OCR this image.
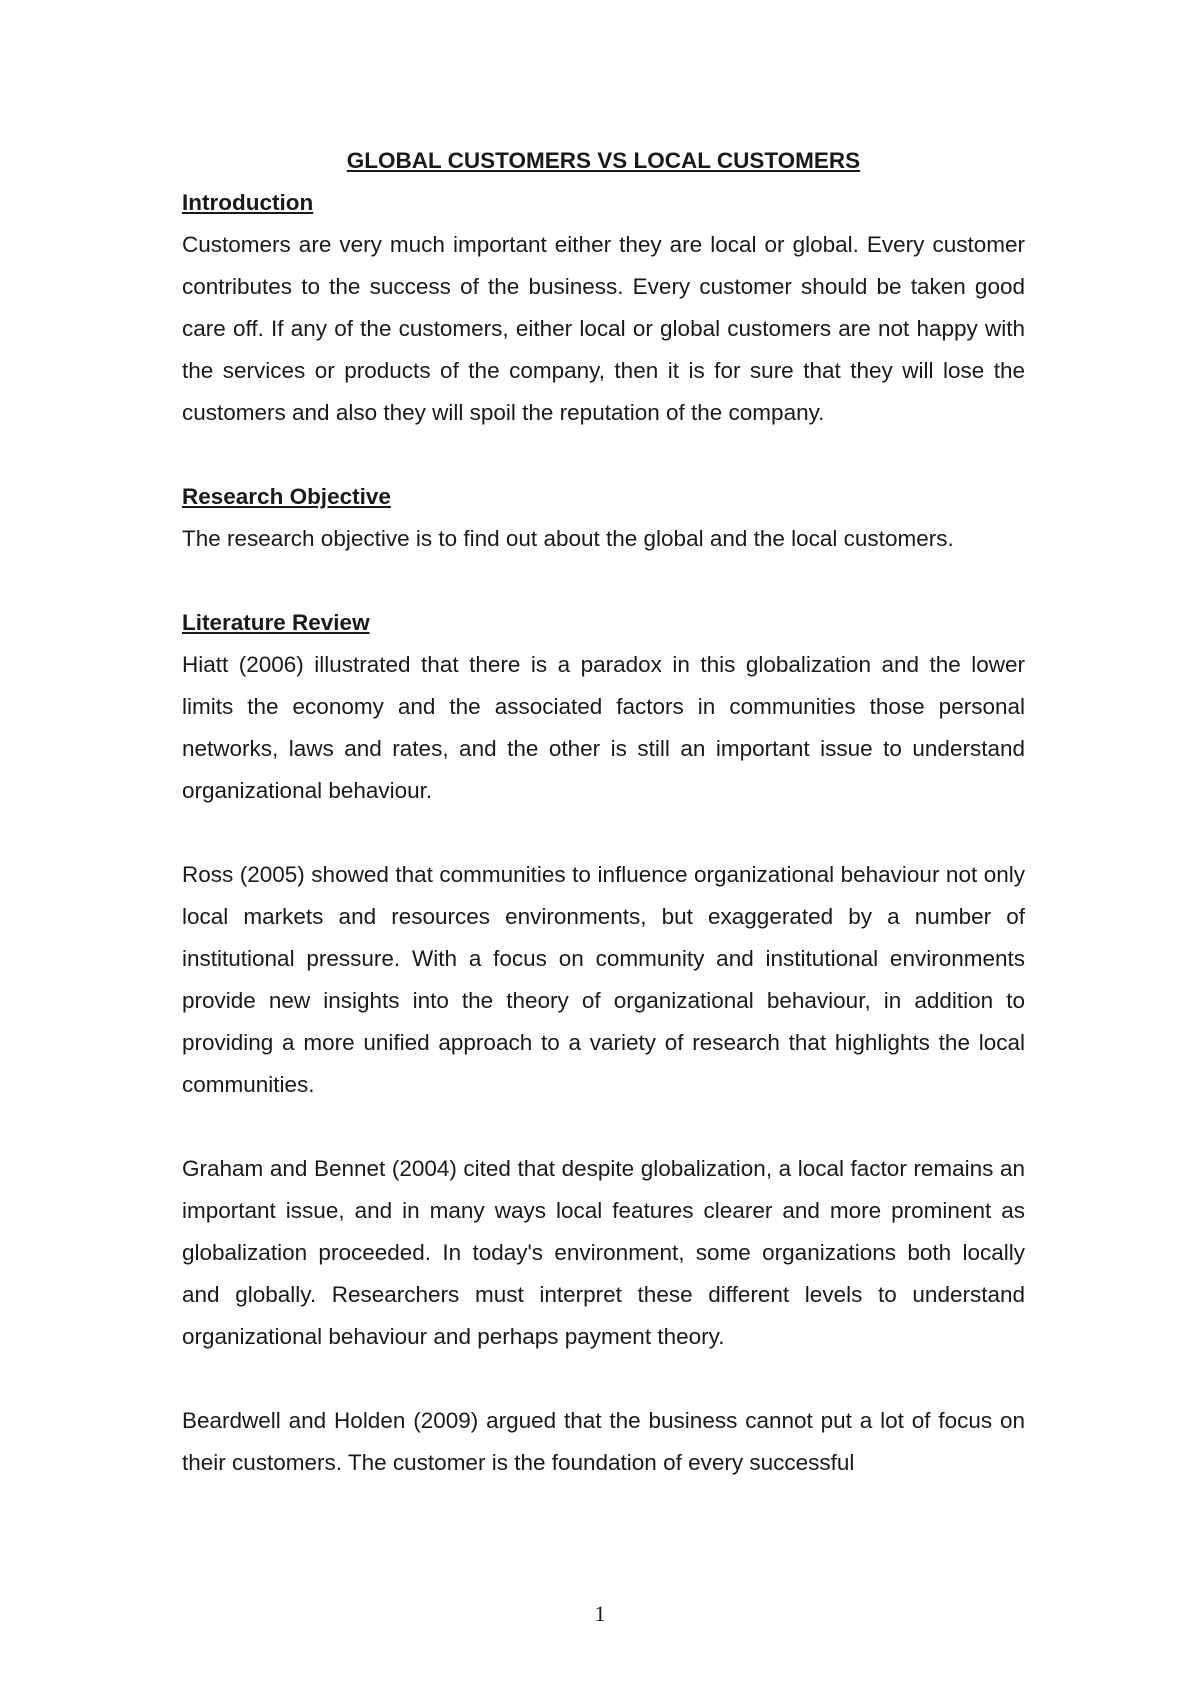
GLOBAL CUSTOMERS VS LOCAL CUSTOMERS

Introduction

Customers are very much important either they are local or global. Every customer contributes to the success of the business. Every customer should be taken good care off. If any of the customers, either local or global customers are not happy with the services or products of the company, then it is for sure that they will lose the customers and also they will spoil the reputation of the company.

Research Objective

The research objective is to find out about the global and the local customers.

Literature Review

Hiatt (2006) illustrated that there is a paradox in this globalization and the lower limits the economy and the associated factors in communities those personal networks, laws and rates, and the other is still an important issue to understand organizational behaviour.

Ross (2005) showed that communities to influence organizational behaviour not only local markets and resources environments, but exaggerated by a number of institutional pressure. With a focus on community and institutional environments provide new insights into the theory of organizational behaviour, in addition to providing a more unified approach to a variety of research that highlights the local communities.

Graham and Bennet (2004) cited that despite globalization, a local factor remains an important issue, and in many ways local features clearer and more prominent as globalization proceeded. In today's environment, some organizations both locally and globally. Researchers must interpret these different levels to understand organizational behaviour and perhaps payment theory.

Beardwell and Holden (2009) argued that the business cannot put a lot of focus on their customers. The customer is the foundation of every successful

1
